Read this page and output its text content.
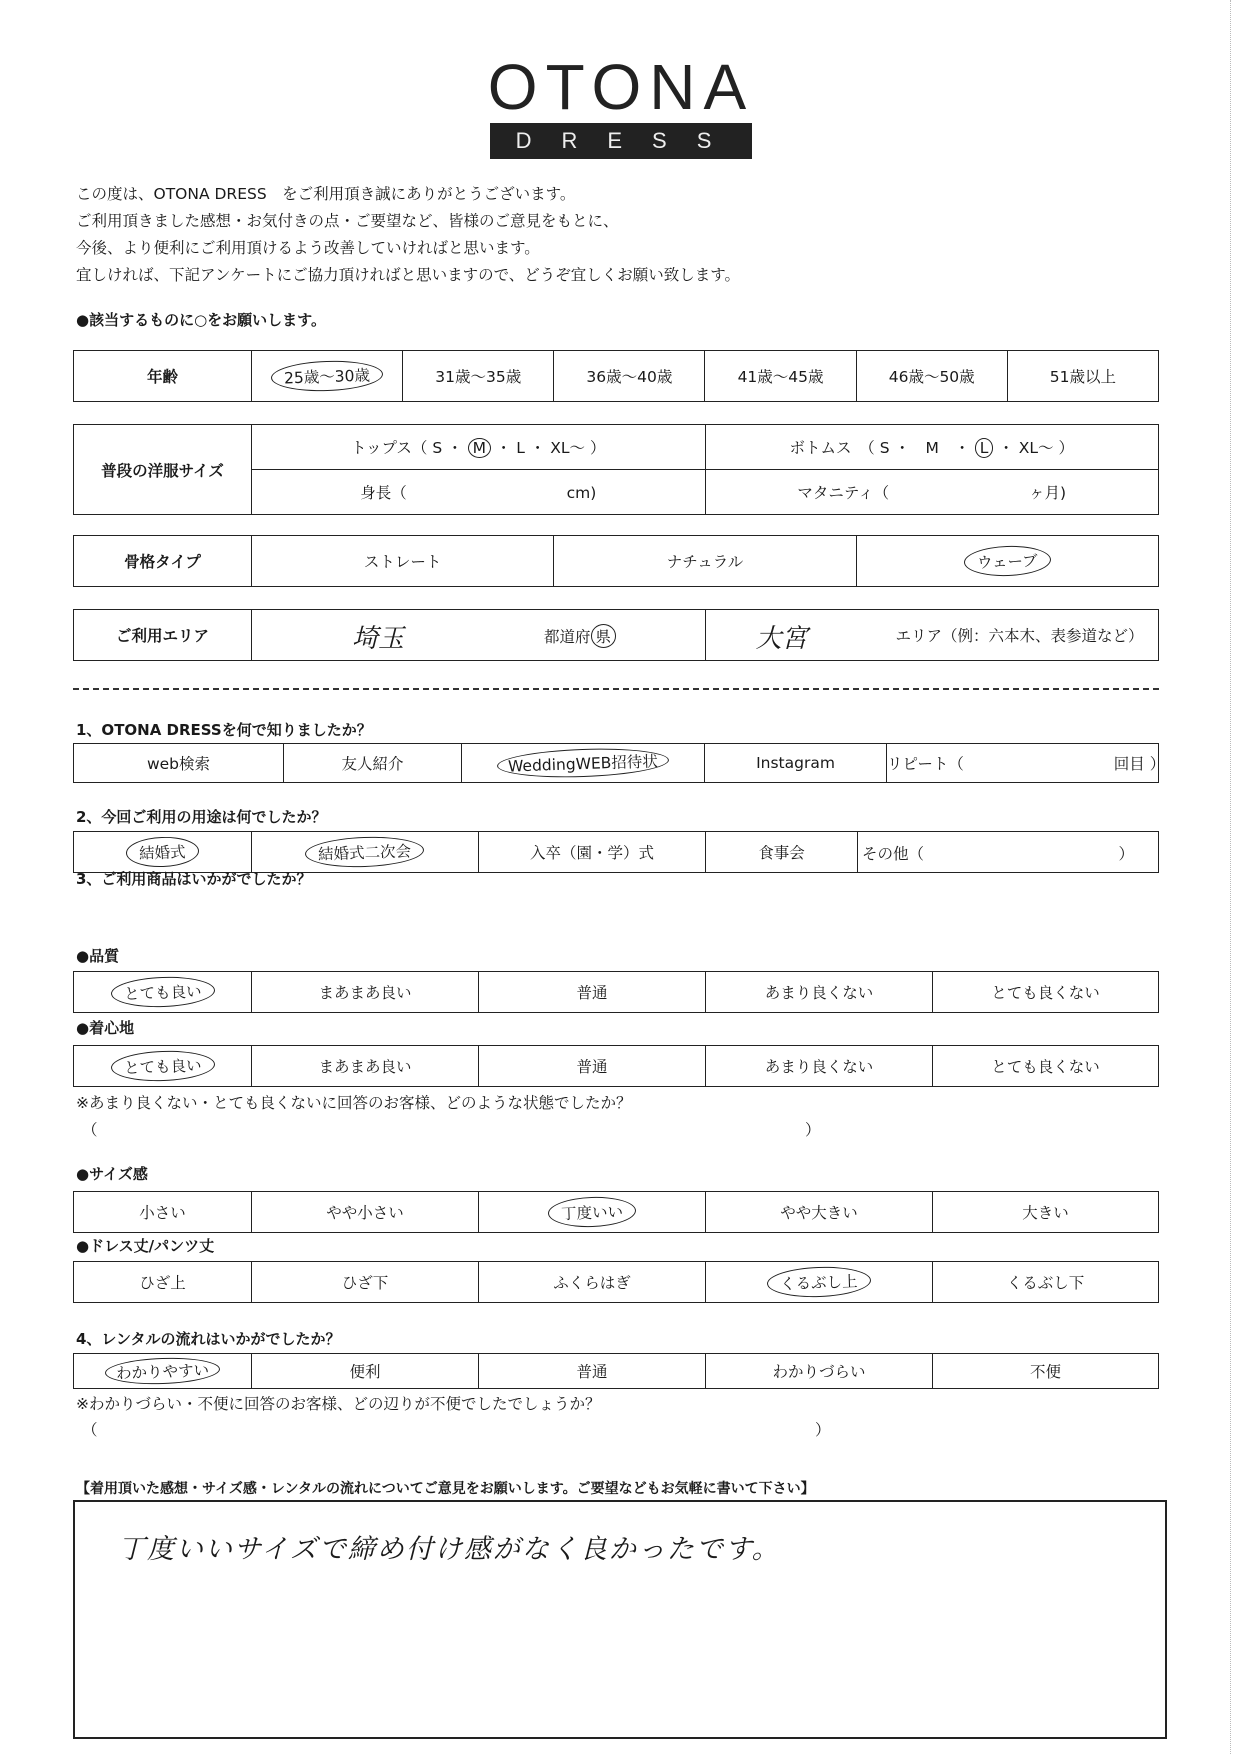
OTONA
DRESS
この度は、OTONA DRESS　をご利用頂き誠にありがとうございます。
ご利用頂きました感想・お気付きの点・ご要望など、皆様のご意見をもとに、
今後、より便利にご利用頂けるよう改善していければと思います。
宜しければ、下記アンケートにご協力頂ければと思いますので、どうぞ宜しくお願い致します。
●該当するものに○をお願いします。
年齢	25歳～30歳	31歳～35歳	36歳～40歳	41歳～45歳	46歳～50歳	51歳以上
普段の洋服サイズ	トップス（ S ・ M ・ L ・ XL～ ）	ボトムス　（ S ・　M　・ L ・ XL～ ）
	身長（ cm)	マタニティ（ ヶ月)
骨格タイプ	ストレート	ナチュラル	ウェーブ
ご利用エリア	埼玉	都道府 県	大宮	エリア（例：六本木、表参道など）
1、OTONA DRESSを何で知りましたか？
web検索	友人紹介	WeddingWEB招待状	Instagram	リピート（	回目 ）
2、今回ご利用の用途は何でしたか？
結婚式	結婚式二次会	入卒（園・学）式	食事会	その他（	）
3、ご利用商品はいかがでしたか？
●品質
とても良い	まあまあ良い	普通	あまり良くない	とても良くない
●着心地
とても良い	まあまあ良い	普通	あまり良くない	とても良くない
※あまり良くない・とても良くないに回答のお客様、どのような状態でしたか？
（	）
●サイズ感
小さい	やや小さい	丁度いい	やや大きい	大きい
●ドレス丈/パンツ丈
ひざ上	ひざ下	ふくらはぎ	くるぶし上	くるぶし下
4、レンタルの流れはいかがでしたか？
わかりやすい	便利	普通	わかりづらい	不便
※わかりづらい・不便に回答のお客様、どの辺りが不便でしたでしょうか？
（	）
【着用頂いた感想・サイズ感・レンタルの流れについてご意見をお願いします。ご要望などもお気軽に書いて下さい】
丁度いいサイズで締め付け感がなく良かったです。
